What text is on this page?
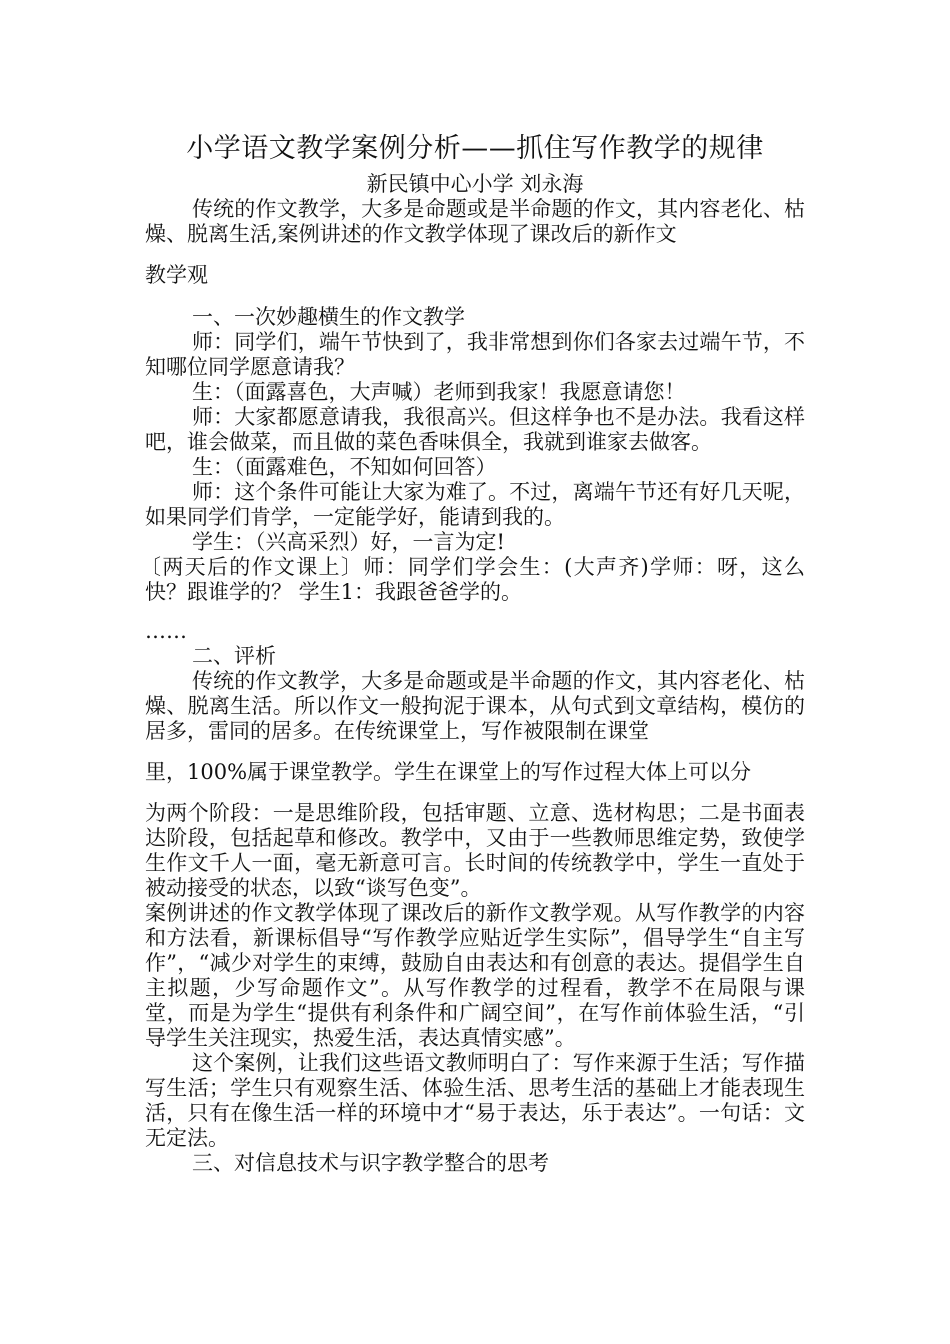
小学语文教学案例分析——抓住写作教学的规律

新民镇中心小学 刘永海

传统的作文教学，大多是命题或是半命题的作文，其内容老化、枯燥、脱离生活,案例讲述的作文教学体现了课改后的新作文

教学观

一、一次妙趣横生的作文教学

师：同学们，端午节快到了，我非常想到你们各家去过端午节，不知哪位同学愿意请我？

生：（面露喜色，大声喊）老师到我家！我愿意请您！

师：大家都愿意请我，我很高兴。但这样争也不是办法。我看这样吧，谁会做菜，而且做的菜色香味俱全，我就到谁家去做客。

生：（面露难色，不知如何回答）

师：这个条件可能让大家为难了。不过，离端午节还有好几天呢，如果同学们肯学，一定能学好，能请到我的。

学生：（兴高采烈）好，一言为定!

〔两天后的作文课上〕师：同学们学会生：(大声齐)学师：呀，这么快？跟谁学的？ 学生1：我跟爸爸学的。

……

二、评析

传统的作文教学，大多是命题或是半命题的作文，其内容老化、枯燥、脱离生活。所以作文一般拘泥于课本，从句式到文章结构，模仿的居多，雷同的居多。在传统课堂上，写作被限制在课堂

里，100%属于课堂教学。学生在课堂上的写作过程大体上可以分

为两个阶段：一是思维阶段，包括审题、立意、选材构思；二是书面表达阶段，包括起草和修改。教学中，又由于一些教师思维定势，致使学生作文千人一面，毫无新意可言。长时间的传统教学中，学生一直处于被动接受的状态，以致“谈写色变”。

案例讲述的作文教学体现了课改后的新作文教学观。从写作教学的内容和方法看，新课标倡导“写作教学应贴近学生实际”，倡导学生“自主写作”，“减少对学生的束缚，鼓励自由表达和有创意的表达。提倡学生自主拟题，少写命题作文”。从写作教学的过程看，教学不在局限与课堂，而是为学生“提供有利条件和广阔空间”，在写作前体验生活，“引导学生关注现实，热爱生活，表达真情实感”。

这个案例，让我们这些语文教师明白了：写作来源于生活；写作描写生活；学生只有观察生活、体验生活、思考生活的基础上才能表现生活，只有在像生活一样的环境中才“易于表达，乐于表达”。一句话：文无定法。

三、对信息技术与识字教学整合的思考
